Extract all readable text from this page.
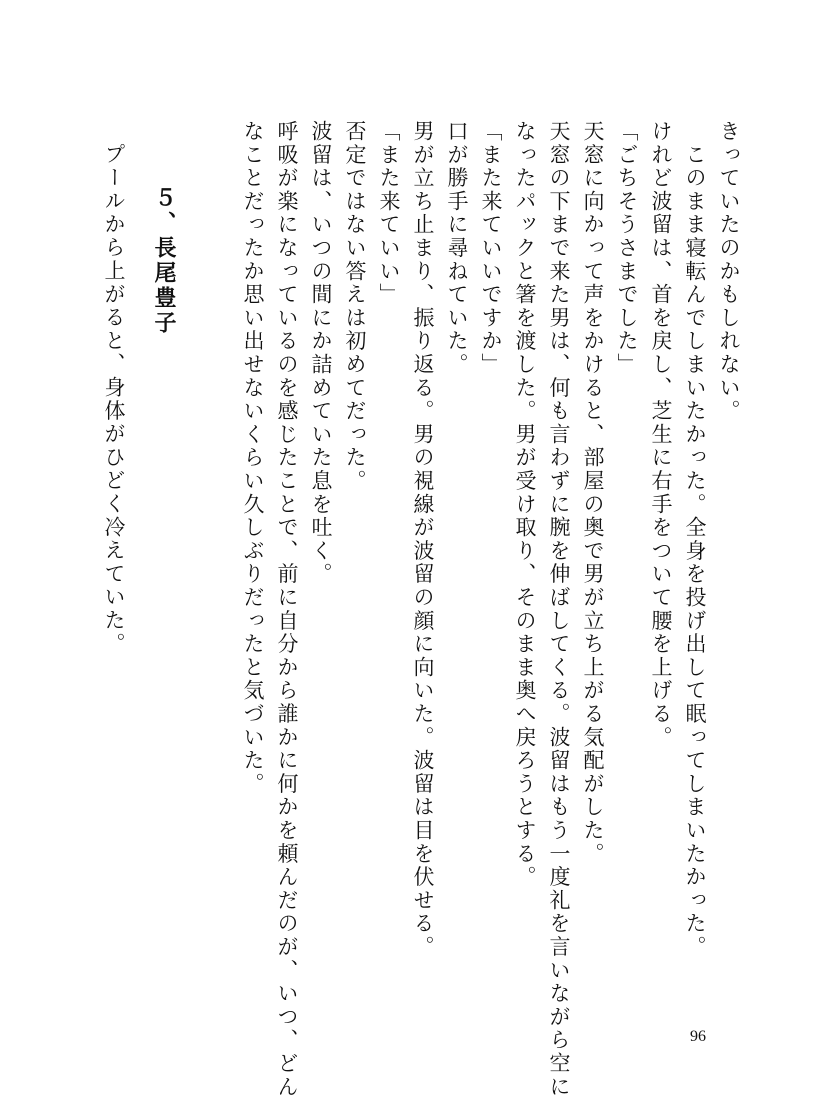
きっていたのかもしれない。
　このまま寝転んでしまいたかった。全身を投げ出して眠ってしまいたかった。
けれど波留は、首を戻し、芝生に右手をついて腰を上げる。
「ごちそうさまでした」
天窓に向かって声をかけると、部屋の奥で男が立ち上がる気配がした。
天窓の下まで来た男は、何も言わずに腕を伸ばしてくる。波留はもう一度礼を言いながら空に
なったパックと箸を渡した。男が受け取り、そのまま奥へ戻ろうとする。
「また来ていいですか」
口が勝手に尋ねていた。
男が立ち止まり、振り返る。男の視線が波留の顔に向いた。波留は目を伏せる。
「また来ていい」
否定ではない答えは初めてだった。
波留は、いつの間にか詰めていた息を吐く。
呼吸が楽になっているのを感じたことで、前に自分から誰かに何かを頼んだのが、いつ、どん
なことだったか思い出せないくらい久しぶりだったと気づいた。
５、長尾豊子
プールから上がると、身体がひどく冷えていた。
96
